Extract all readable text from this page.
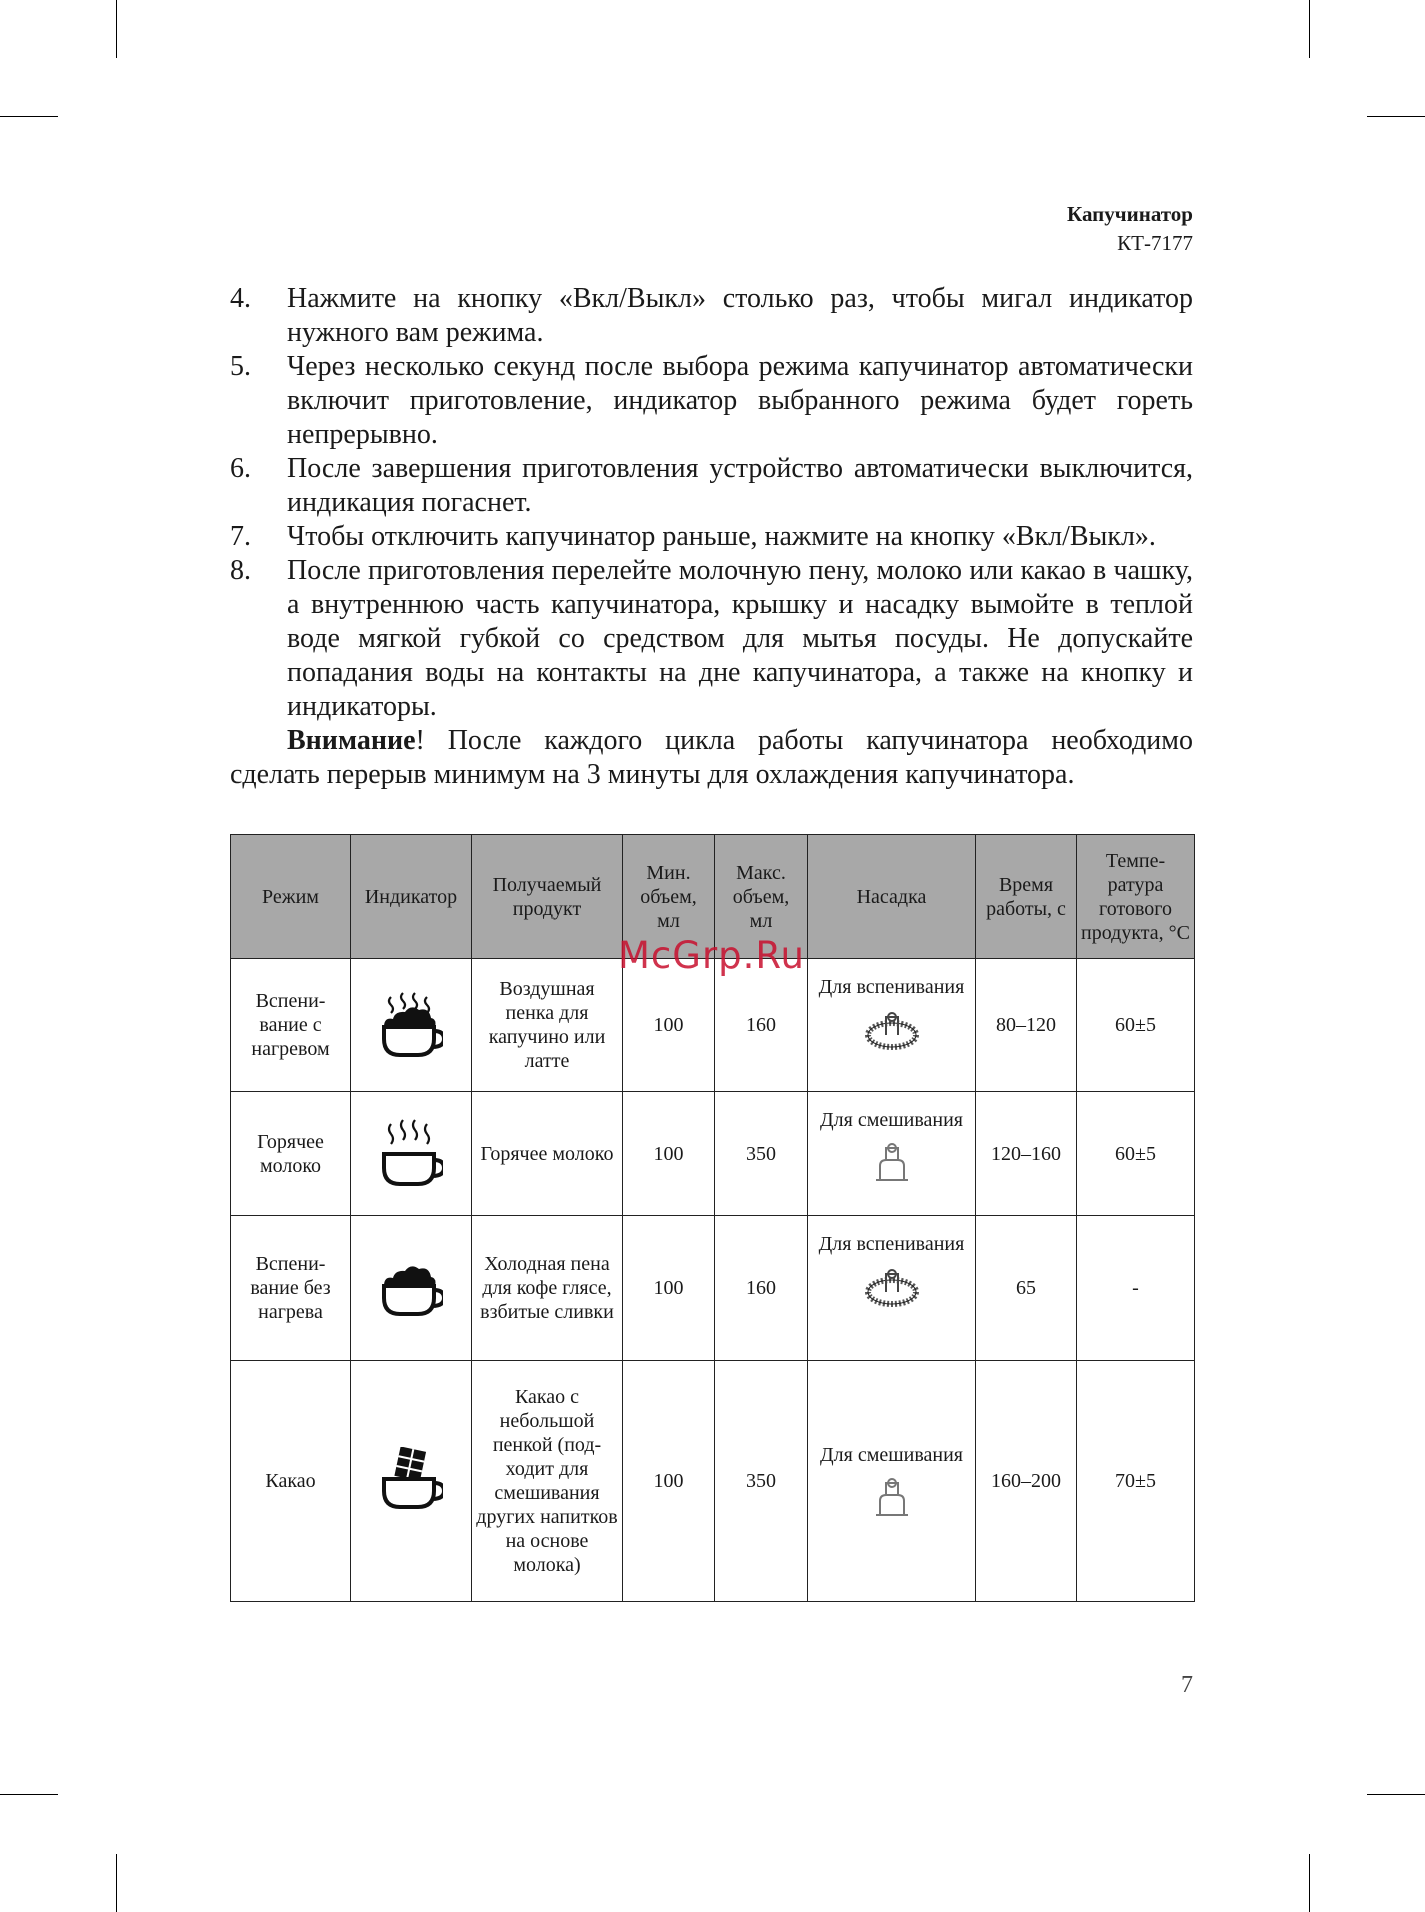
Капучинатор
КТ-7177
4. Нажмите на кнопку «Вкл/Выкл» столько раз, чтобы мигал индикатор нужного вам режима.
5. Через несколько секунд после выбора режима капучинатор автоматически включит приготовление, индикатор выбранного режима будет гореть непрерывно.
6. После завершения приготовления устройство автоматически выключится, индикация погаснет.
7. Чтобы отключить капучинатор раньше, нажмите на кнопку «Вкл/Выкл».
8. После приготовления перелейте молочную пену, молоко или какао в чашку, а внутреннюю часть капучинатора, крышку и насадку вымойте в теплой воде мягкой губкой со средством для мытья посуды. Не допускайте попадания воды на контакты на дне капучинатора, а также на кнопку и индикаторы.
Внимание! После каждого цикла работы капучинатора необходимо сделать перерыв минимум на 3 минуты для охлаждения капучинатора.
Режим	Индикатор	Получаемый продукт	Мин. объем, мл	Макс. объем, мл	Насадка	Время работы, с	Темпе-ратура готового продукта, °С
Вспени-вание с нагревом		Воздушная пенка для капучино или латте	100	160	Для вспенивания	80–120	60±5
Горячее молоко		Горячее молоко	100	350	Для смешивания	120–160	60±5
Вспени-вание без нагрева		Холодная пена для кофе глясе, взбитые сливки	100	160	Для вспенивания	65	-
Какао		Какао с небольшой пенкой (под-ходит для смешивания других напитков на основе молока)	100	350	Для смешивания	160–200	70±5
McGrp.Ru
7
